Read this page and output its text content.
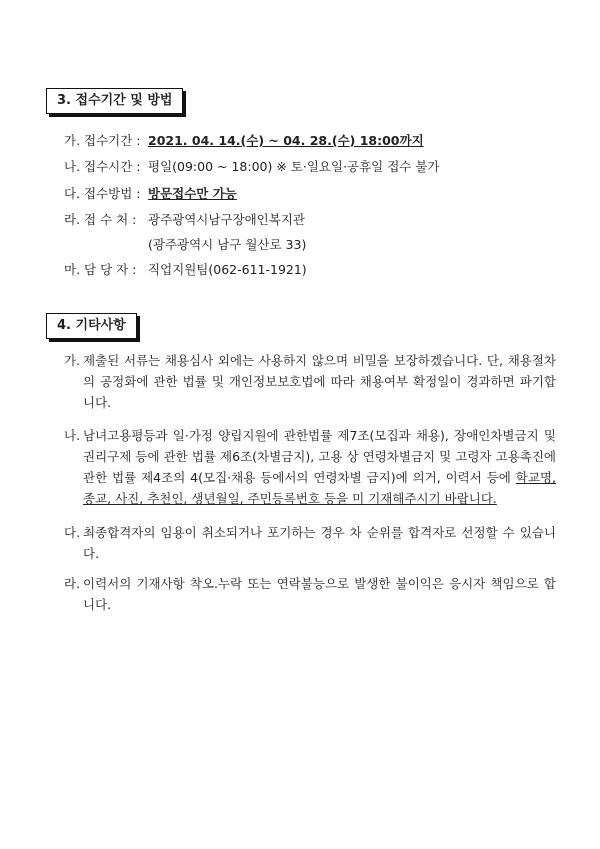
3. 접수기간 및 방법
가. 접수기간 : 2021. 04. 14.(수) ~ 04. 28.(수) 18:00까지
나. 접수시간 : 평일(09:00 ~ 18:00) ※ 토·일요일·공휴일 접수 불가
다. 접수방법 : 방문접수만 가능
라. 접 수 처 : 광주광역시남구장애인복지관
(광주광역시 남구 월산로 33)
마. 담 당 자 : 직업지원팀(062-611-1921)
4. 기타사항
가. 제출된 서류는 채용심사 외에는 사용하지 않으며 비밀을 보장하겠습니다. 단, 채용절차의 공정화에 관한 법률 및 개인정보보호법에 따라 채용여부 확정일이 경과하면 파기합니다.
나. 남녀고용평등과 일·가정 양립지원에 관한법률 제7조(모집과 채용), 장애인차별금지 및 권리구제 등에 관한 법률 제6조(차별금지), 고용 상 연령차별금지 및 고령자 고용촉진에 관한 법률 제4조의 4(모집·채용 등에서의 연령차별 금지)에 의거, 이력서 등에 학교명, 종교, 사진, 추천인, 생년월일, 주민등록번호 등을 미 기재해주시기 바랍니다.
다. 최종합격자의 임용이 취소되거나 포기하는 경우 차 순위를 합격자로 선정할 수 있습니다.
라. 이력서의 기재사항 착오.누락 또는 연락불능으로 발생한 불이익은 응시자 책임으로 합니다.
